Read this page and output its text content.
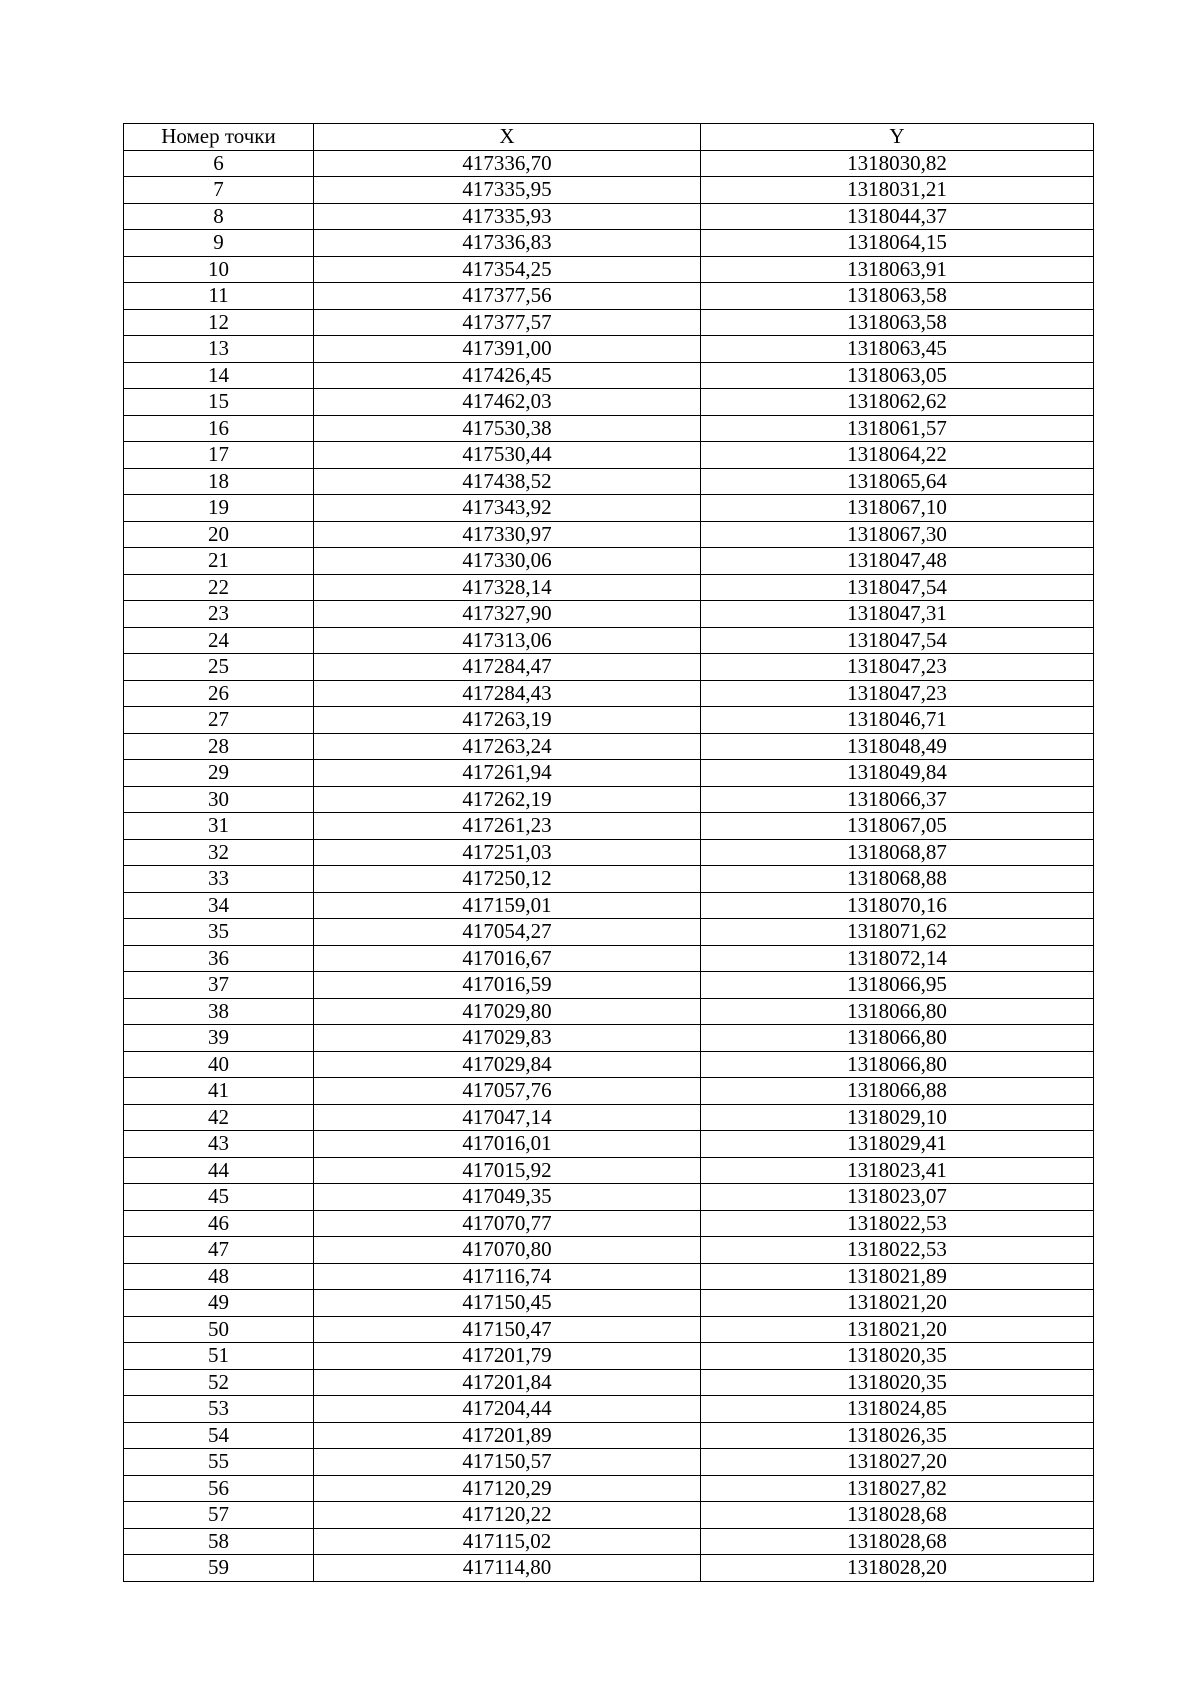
Номер точки	X	Y
6	417336,70	1318030,82
7	417335,95	1318031,21
8	417335,93	1318044,37
9	417336,83	1318064,15
10	417354,25	1318063,91
11	417377,56	1318063,58
12	417377,57	1318063,58
13	417391,00	1318063,45
14	417426,45	1318063,05
15	417462,03	1318062,62
16	417530,38	1318061,57
17	417530,44	1318064,22
18	417438,52	1318065,64
19	417343,92	1318067,10
20	417330,97	1318067,30
21	417330,06	1318047,48
22	417328,14	1318047,54
23	417327,90	1318047,31
24	417313,06	1318047,54
25	417284,47	1318047,23
26	417284,43	1318047,23
27	417263,19	1318046,71
28	417263,24	1318048,49
29	417261,94	1318049,84
30	417262,19	1318066,37
31	417261,23	1318067,05
32	417251,03	1318068,87
33	417250,12	1318068,88
34	417159,01	1318070,16
35	417054,27	1318071,62
36	417016,67	1318072,14
37	417016,59	1318066,95
38	417029,80	1318066,80
39	417029,83	1318066,80
40	417029,84	1318066,80
41	417057,76	1318066,88
42	417047,14	1318029,10
43	417016,01	1318029,41
44	417015,92	1318023,41
45	417049,35	1318023,07
46	417070,77	1318022,53
47	417070,80	1318022,53
48	417116,74	1318021,89
49	417150,45	1318021,20
50	417150,47	1318021,20
51	417201,79	1318020,35
52	417201,84	1318020,35
53	417204,44	1318024,85
54	417201,89	1318026,35
55	417150,57	1318027,20
56	417120,29	1318027,82
57	417120,22	1318028,68
58	417115,02	1318028,68
59	417114,80	1318028,20
